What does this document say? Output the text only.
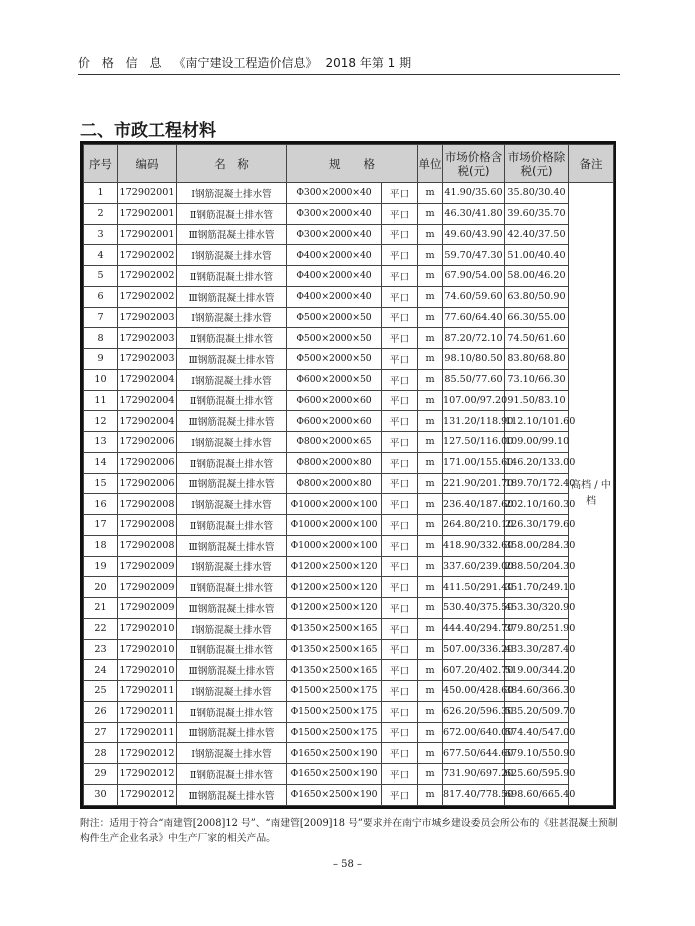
价 格 信 息 《南宁建设工程造价信息》 2018 年第 1 期
二、市政工程材料
序号	编码	名　称	规　　格		单位	市场价格含税(元)	市场价格除税(元)	备注
1	172902001	Ⅰ钢筋混凝土排水管	Φ300×2000×40	平口	m	41.90/35.60	35.80/30.40	高档 / 中档
2	172902001	Ⅱ钢筋混凝土排水管	Φ300×2000×40	平口	m	46.30/41.80	39.60/35.70	
3	172902001	Ⅲ钢筋混凝土排水管	Φ300×2000×40	平口	m	49.60/43.90	42.40/37.50	
4	172902002	Ⅰ钢筋混凝土排水管	Φ400×2000×40	平口	m	59.70/47.30	51.00/40.40	
5	172902002	Ⅱ钢筋混凝土排水管	Φ400×2000×40	平口	m	67.90/54.00	58.00/46.20	
6	172902002	Ⅲ钢筋混凝土排水管	Φ400×2000×40	平口	m	74.60/59.60	63.80/50.90	
7	172902003	Ⅰ钢筋混凝土排水管	Φ500×2000×50	平口	m	77.60/64.40	66.30/55.00	
8	172902003	Ⅱ钢筋混凝土排水管	Φ500×2000×50	平口	m	87.20/72.10	74.50/61.60	
9	172902003	Ⅲ钢筋混凝土排水管	Φ500×2000×50	平口	m	98.10/80.50	83.80/68.80	
10	172902004	Ⅰ钢筋混凝土排水管	Φ600×2000×50	平口	m	85.50/77.60	73.10/66.30	
11	172902004	Ⅱ钢筋混凝土排水管	Φ600×2000×60	平口	m	107.00/97.20	91.50/83.10	
12	172902004	Ⅲ钢筋混凝土排水管	Φ600×2000×60	平口	m	131.20/118.90	112.10/101.60	
13	172902006	Ⅰ钢筋混凝土排水管	Φ800×2000×65	平口	m	127.50/116.00	109.00/99.10	
14	172902006	Ⅱ钢筋混凝土排水管	Φ800×2000×80	平口	m	171.00/155.60	146.20/133.00	
15	172902006	Ⅲ钢筋混凝土排水管	Φ800×2000×80	平口	m	221.90/201.70	189.70/172.40	
16	172902008	Ⅰ钢筋混凝土排水管	Φ1000×2000×100	平口	m	236.40/187.60	202.10/160.30	
17	172902008	Ⅱ钢筋混凝土排水管	Φ1000×2000×100	平口	m	264.80/210.10	226.30/179.60	
18	172902008	Ⅲ钢筋混凝土排水管	Φ1000×2000×100	平口	m	418.90/332.60	358.00/284.30	
19	172902009	Ⅰ钢筋混凝土排水管	Φ1200×2500×120	平口	m	337.60/239.00	288.50/204.30	
20	172902009	Ⅱ钢筋混凝土排水管	Φ1200×2500×120	平口	m	411.50/291.40	351.70/249.10	
21	172902009	Ⅲ钢筋混凝土排水管	Φ1200×2500×120	平口	m	530.40/375.50	453.30/320.90	
22	172902010	Ⅰ钢筋混凝土排水管	Φ1350×2500×165	平口	m	444.40/294.70	379.80/251.90	
23	172902010	Ⅱ钢筋混凝土排水管	Φ1350×2500×165	平口	m	507.00/336.20	433.30/287.40	
24	172902010	Ⅲ钢筋混凝土排水管	Φ1350×2500×165	平口	m	607.20/402.70	519.00/344.20	
25	172902011	Ⅰ钢筋混凝土排水管	Φ1500×2500×175	平口	m	450.00/428.60	384.60/366.30	
26	172902011	Ⅱ钢筋混凝土排水管	Φ1500×2500×175	平口	m	626.20/596.30	535.20/509.70	
27	172902011	Ⅲ钢筋混凝土排水管	Φ1500×2500×175	平口	m	672.00/640.00	574.40/547.00	
28	172902012	Ⅰ钢筋混凝土排水管	Φ1650×2500×190	平口	m	677.50/644.60	579.10/550.90	
29	172902012	Ⅱ钢筋混凝土排水管	Φ1650×2500×190	平口	m	731.90/697.20	625.60/595.90	
30	172902012	Ⅲ钢筋混凝土排水管	Φ1650×2500×190	平口	m	817.40/778.50	698.60/665.40	
附注：适用于符合“南建管[2008]12 号”、“南建管[2009]18 号”要求并在南宁市城乡建设委员会所公布的《驻甚混凝土预制构件生产企业名录》中生产厂家的相关产品。
– 58 –
